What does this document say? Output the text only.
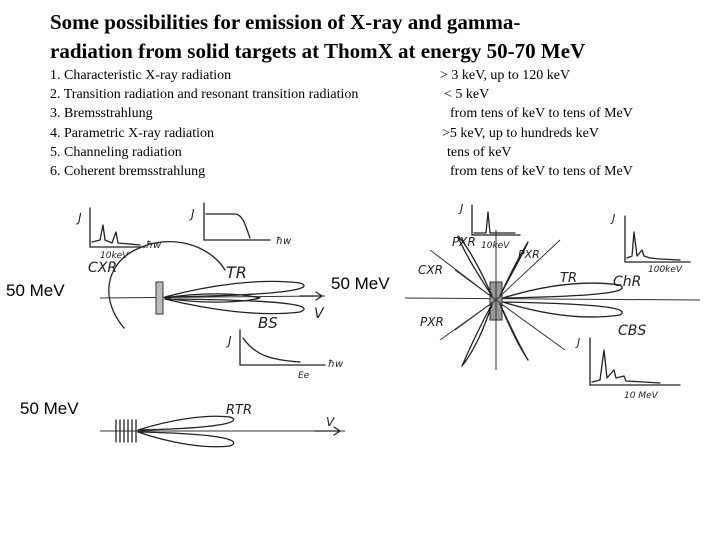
Some possibilities for emission of X-ray and gamma-
radiation from solid targets at ThomX at energy 50-70 MeV
1. Characteristic X-ray radiation
2. Transition radiation and resonant transition radiation
3. Bremsstrahlung
4. Parametric X-ray radiation
5. Channeling radiation
6. Coherent bremsstrahlung
> 3 keV, up to 120 keV
< 5 keV
from tens of keV to tens of MeV
>5 keV, up to hundreds keV
tens of keV
from tens of keV to tens of MeV
V
TR
CXR
J
ħw
10keV
J
ħw
BS
J
ħw
Ee
V
RTR
TR
CXR
PXR
PXR
PXR
J
10keV
J
ChR
100keV
CBS
J
10 MeV
50 MeV	50 MeV
50 MeV
